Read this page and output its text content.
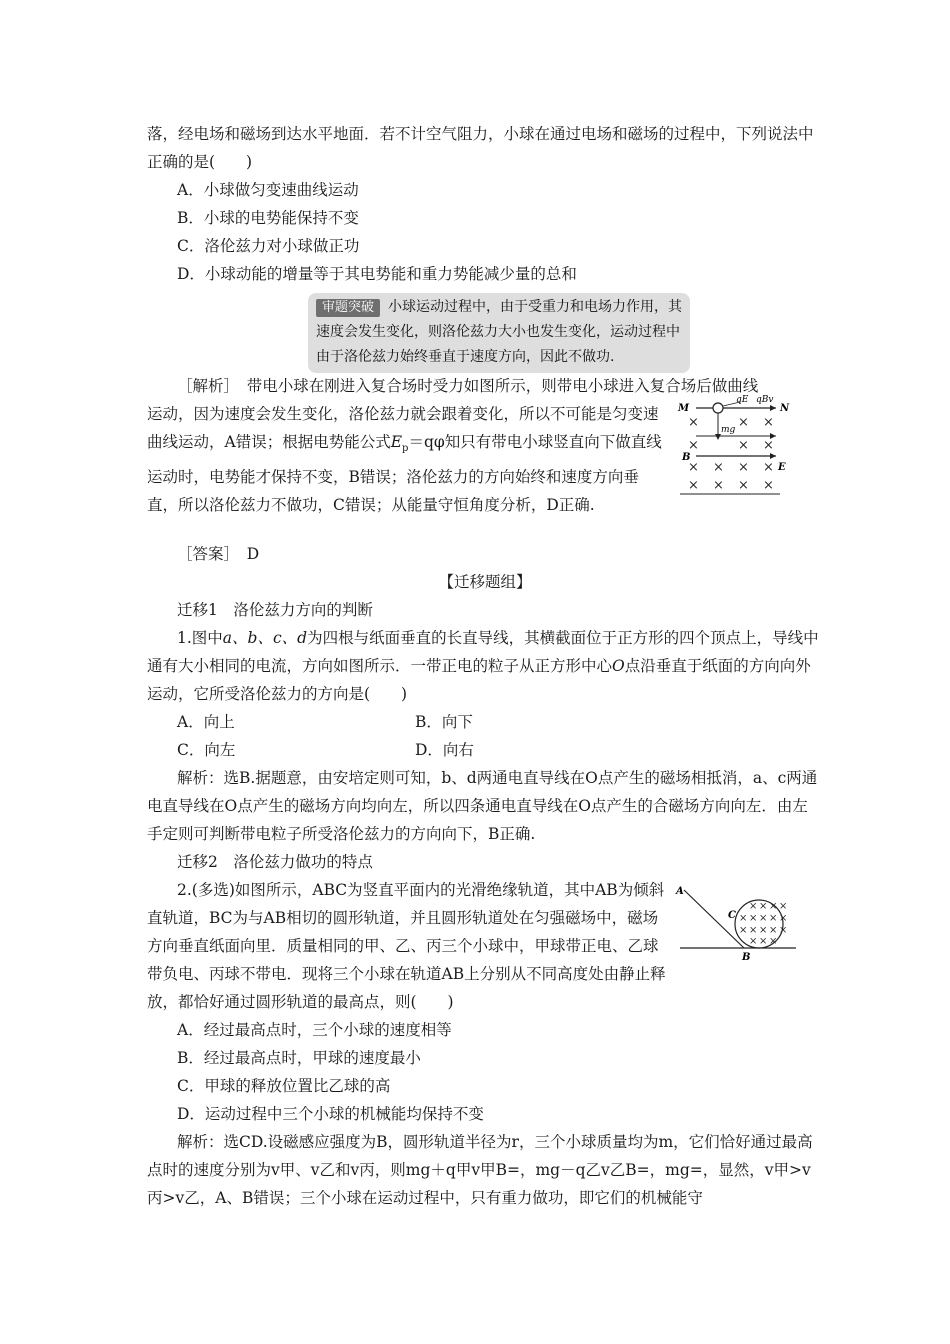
落，经电场和磁场到达水平地面．若不计空气阻力，小球在通过电场和磁场的过程中，下列说法中正确的是(　　)

A．小球做匀变速曲线运动

B．小球的电势能保持不变

C．洛伦兹力对小球做正功

D．小球动能的增量等于其电势能和重力势能减少量的总和

审题突破 小球运动过程中，由于受重力和电场力作用，其速度会发生变化，则洛伦兹力大小也发生变化，运动过程中由于洛伦兹力始终垂直于速度方向，因此不做功.

［解析］　 带电小球在刚进入复合场时受力如图所示，则带电小球进入复合场后做曲线

运动，因为速度会发生变化，洛伦兹力就会跟着变化，所以不可能是匀变速曲线运动，A错误；根据电势能公式$E_p=q\varphi$知只有带电小球竖直向下做直线运动时，电势能才保持不变，B错误；洛伦兹力的方向始终和速度方向垂直，所以洛伦兹力不做功，C错误；从能量守恒角度分析，D正确.

M	N
B
E
qE qBv
mg
×	× ×
×	× ×
× × × ×
× × × ×

［答案］　 D

【迁移题组】

迁移1　洛伦兹力方向的判断

1.图中a、b、c、d为四根与纸面垂直的长直导线，其横截面位于正方形的四个顶点上，导线中通有大小相同的电流，方向如图所示．一带正电的粒子从正方形中心O点沿垂直于纸面的方向向外运动，它所受洛伦兹力的方向是(　　)

A．向上	B．向下

C．向左	D．向右

解析：选B.据题意，由安培定则可知，b、d两通电直导线在O点产生的磁场相抵消，a、c两通电直导线在O点产生的磁场方向均向左，所以四条通电直导线在O点产生的合磁场方向向左．由左手定则可判断带电粒子所受洛伦兹力的方向向下，B正确.

迁移2　洛伦兹力做功的特点

2.(多选)如图所示，ABC为竖直平面内的光滑绝缘轨道，其中AB为倾斜直轨道，BC为与AB相切的圆形轨道，并且圆形轨道处在匀强磁场中，磁场方向垂直纸面向里．质量相同的甲、乙、丙三个小球中，甲球带正电、乙球带负电、丙球不带电．现将三个小球在轨道AB上分别从不同高度处由静止释放，都恰好通过圆形轨道的最高点，则(　　)

A
B
C
× × × ×
× × × × ×
× × × × ×
× × ×

A．经过最高点时，三个小球的速度相等

B．经过最高点时，甲球的速度最小

C．甲球的释放位置比乙球的高

D．运动过程中三个小球的机械能均保持不变

解析：选CD.设磁感应强度为B，圆形轨道半径为r，三个小球质量均为m，它们恰好通过最高点时的速度分别为v甲、v乙和v丙，则mg＋q甲v甲B=，mg－q乙v乙B=，mg=，显然，v甲>v丙>v乙，A、B错误；三个小球在运动过程中，只有重力做功，即它们的机械能守
